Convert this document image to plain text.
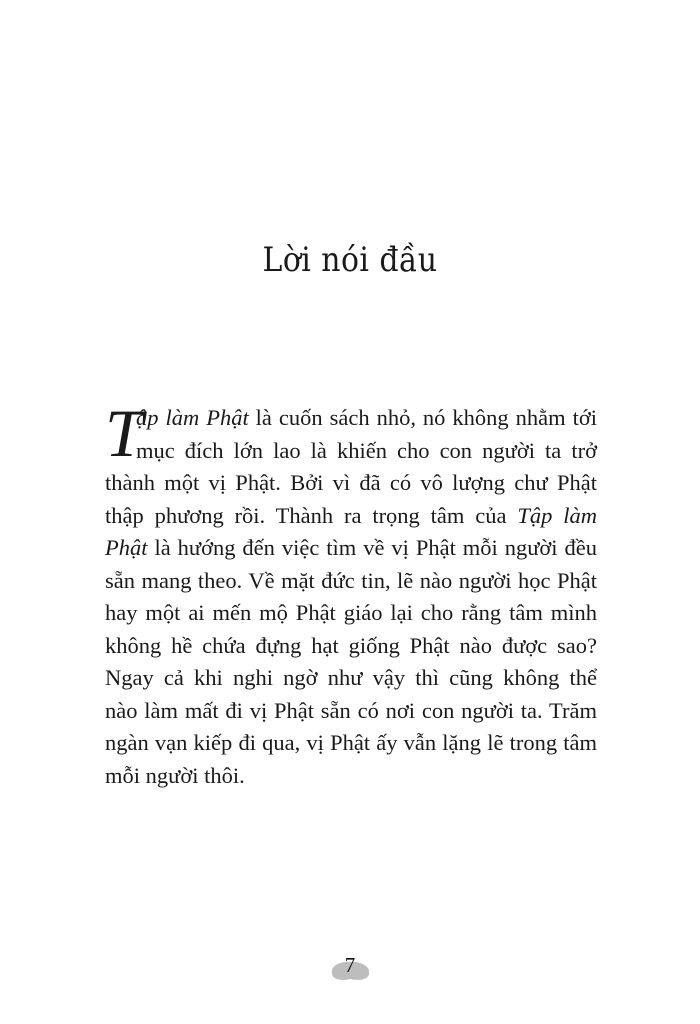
Lời nói đầu
T

ập làm Phật là cuốn sách nhỏ, nó không nhằm tới
mục đích lớn lao là khiến cho con người ta trở
thành một vị Phật. Bởi vì đã có vô lượng chư Phật
thập phương rồi. Thành ra trọng tâm của Tập làm
Phật là hướng đến việc tìm về vị Phật mỗi người đều
sẵn mang theo. Về mặt đức tin, lẽ nào người học Phật
hay một ai mến mộ Phật giáo lại cho rằng tâm mình
không hề chứa đựng hạt giống Phật nào được sao?
Ngay cả khi nghi ngờ như vậy thì cũng không thể
nào làm mất đi vị Phật sẵn có nơi con người ta. Trăm
ngàn vạn kiếp đi qua, vị Phật ấy vẫn lặng lẽ trong tâm
mỗi người thôi.

7
